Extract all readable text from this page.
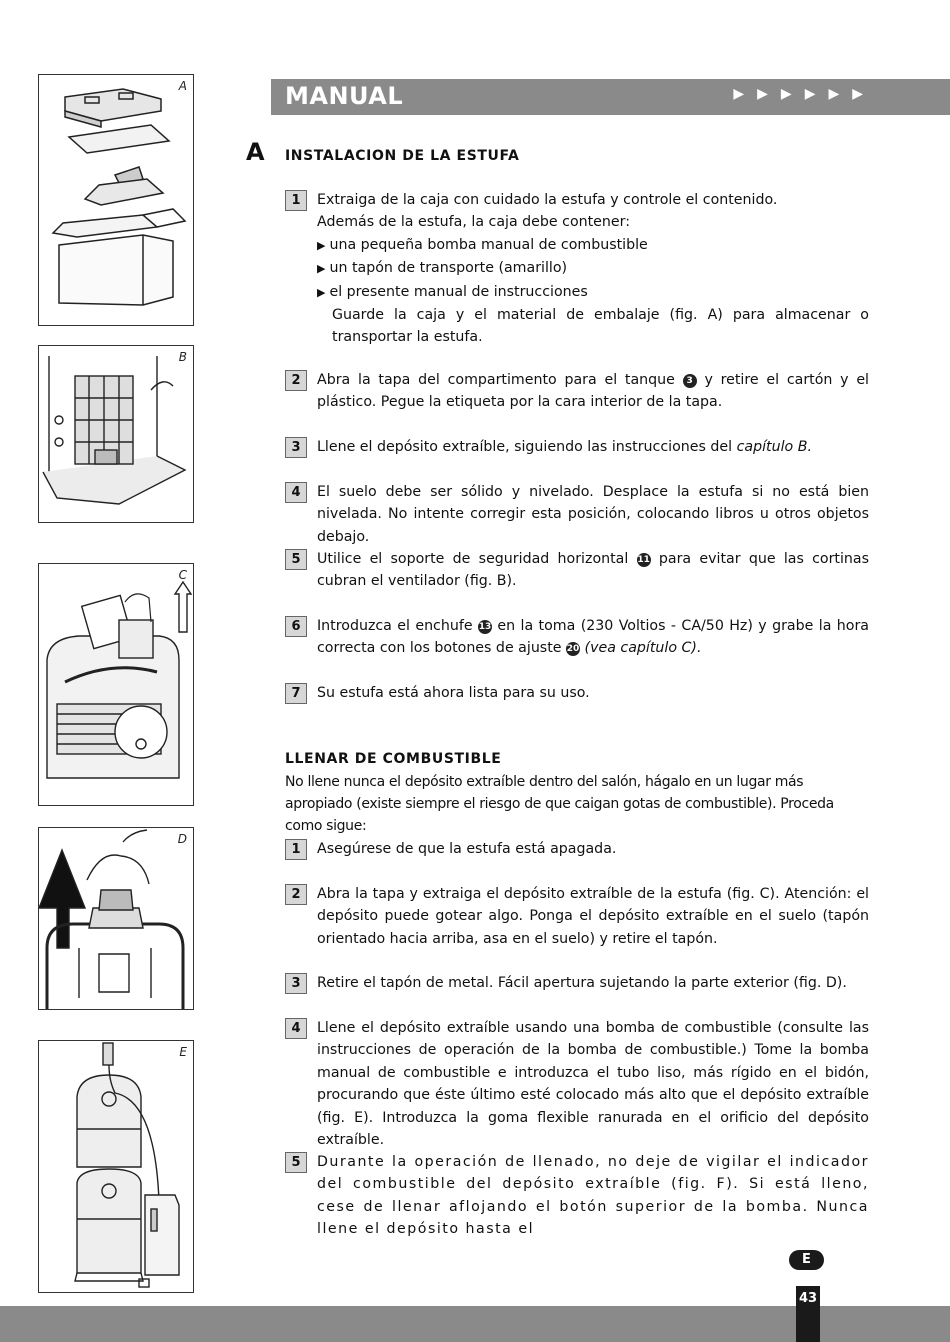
A
B
C
D
E
MANUAL	▶▶▶▶▶▶
A INSTALACION DE LA ESTUFA
1	Extraiga de la caja con cuidado la estufa y controle el contenido.
Además de la estufa, la caja debe contener:
▶ una pequeña bomba manual de combustible
▶ un tapón de transporte (amarillo)
▶ el presente manual de instrucciones
Guarde la caja y el material de embalaje (fig. A) para almacenar o transportar la estufa.
2	Abra la tapa del compartimento para el tanque 3 y retire el cartón y el plástico. Pegue la etiqueta por la cara interior de la tapa.
3	Llene el depósito extraíble, siguiendo las instrucciones del capítulo B.
4	El suelo debe ser sólido y nivelado. Desplace la estufa si no está bien nivelada. No intente corregir esta posición, colocando libros u otros objetos debajo.
5	Utilice el soporte de seguridad horizontal 11 para evitar que las cortinas cubran el ventilador (fig. B).
6	Introduzca el enchufe 13 en la toma (230 Voltios - CA/50 Hz) y grabe la hora correcta con los botones de ajuste 20 (vea capítulo C).
7	Su estufa está ahora lista para su uso.
LLENAR DE COMBUSTIBLE
No llene nunca el depósito extraíble dentro del salón, hágalo en un lugar más apropiado (existe siempre el riesgo de que caigan gotas de combustible). Proceda como sigue:
1	Asegúrese de que la estufa está apagada.
2	Abra la tapa y extraiga el depósito extraíble de la estufa (fig. C). Atención: el depósito puede gotear algo. Ponga el depósito extraíble en el suelo (tapón orientado hacia arriba, asa en el suelo) y retire el tapón.
3	Retire el tapón de metal. Fácil apertura sujetando la parte exterior (fig. D).
4	Llene el depósito extraíble usando una bomba de combustible (consulte las instrucciones de operación de la bomba de combustible.) Tome la bomba manual de combustible e introduzca el tubo liso, más rígido en el bidón, procurando que éste último esté colocado más alto que el depósito extraíble (fig. E). Introduzca la goma flexible ranurada en el orificio del depósito extraíble.
5	Durante la operación de llenado, no deje de vigilar el indicador del combustible del depósito extraíble (fig. F). Si está lleno, cese de llenar aflojando el botón superior de la bomba. Nunca llene el depósito hasta el
E
43
